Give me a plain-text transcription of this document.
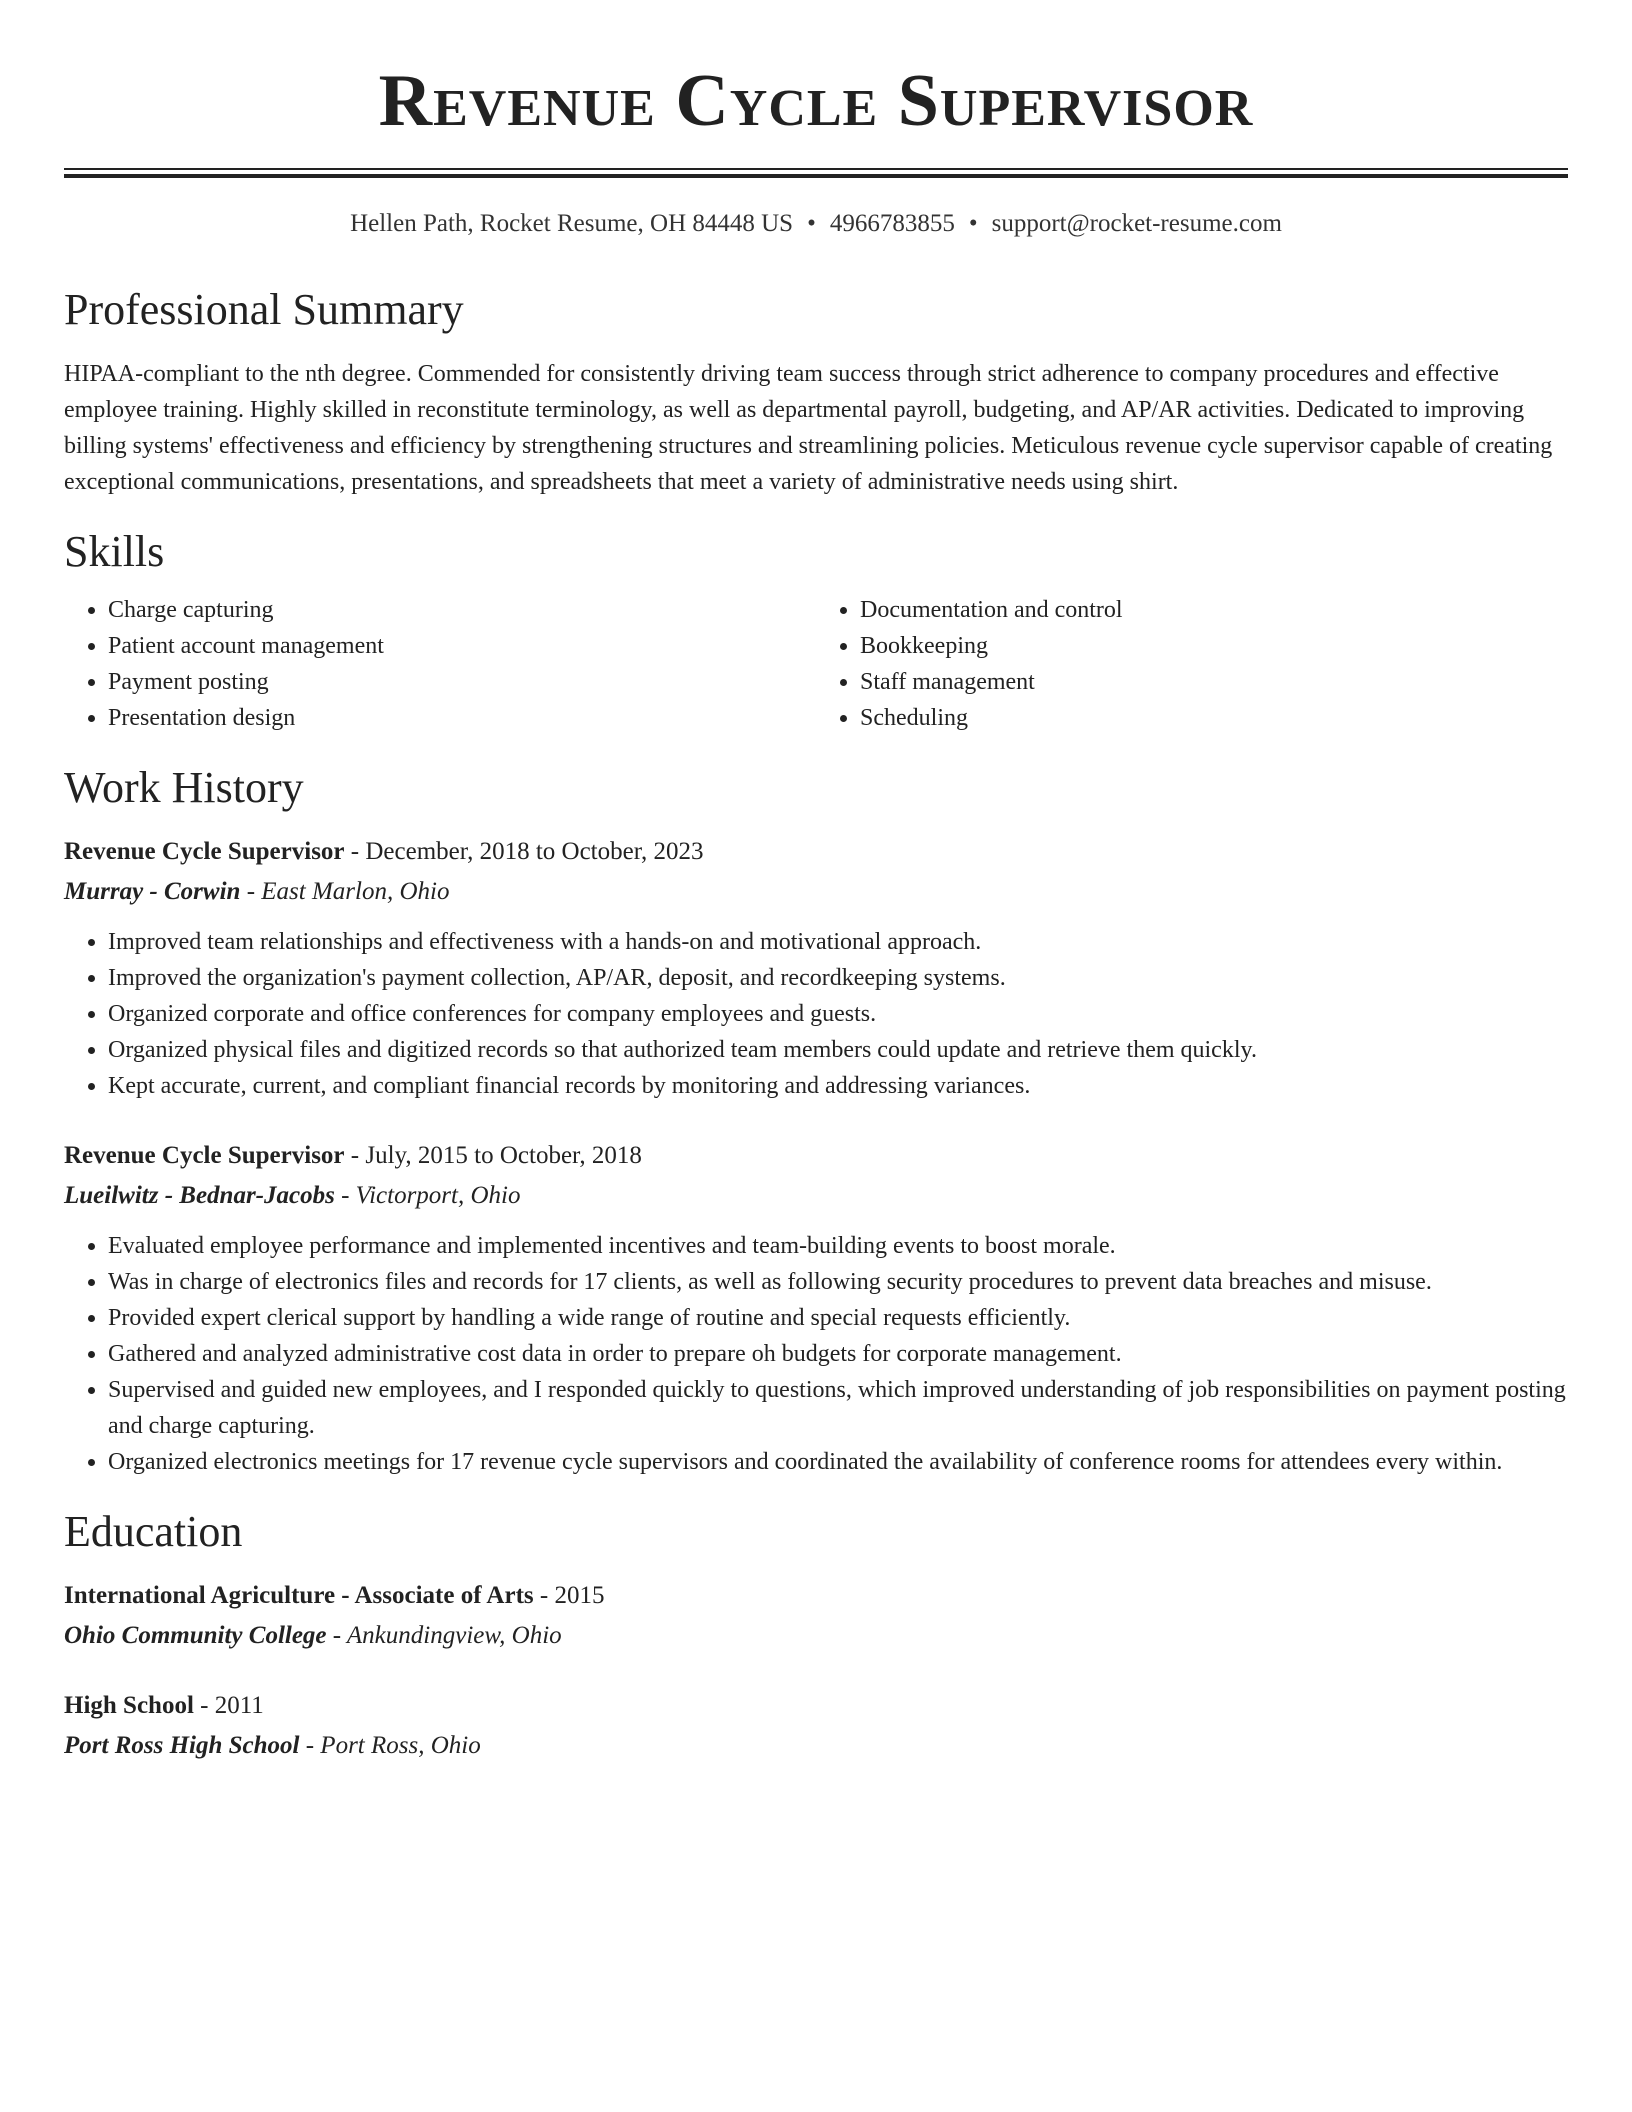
Revenue Cycle Supervisor
Hellen Path, Rocket Resume, OH 84448 US • 4966783855 • support@rocket-resume.com
Professional Summary

HIPAA-compliant to the nth degree. Commended for consistently driving team success through strict adherence to company procedures and effective employee training. Highly skilled in reconstitute terminology, as well as departmental payroll, budgeting, and AP/AR activities. Dedicated to improving billing systems' effectiveness and efficiency by strengthening structures and streamlining policies. Meticulous revenue cycle supervisor capable of creating exceptional communications, presentations, and spreadsheets that meet a variety of administrative needs using shirt.

Skills
• Charge capturing
• Patient account management
• Payment posting
• Presentation design
• Documentation and control
• Bookkeeping
• Staff management
• Scheduling
Work History
Revenue Cycle Supervisor - December, 2018 to October, 2023
Murray - Corwin - East Marlon, Ohio
• Improved team relationships and effectiveness with a hands-on and motivational approach.
• Improved the organization's payment collection, AP/AR, deposit, and recordkeeping systems.
• Organized corporate and office conferences for company employees and guests.
• Organized physical files and digitized records so that authorized team members could update and retrieve them quickly.
• Kept accurate, current, and compliant financial records by monitoring and addressing variances.
Revenue Cycle Supervisor - July, 2015 to October, 2018
Lueilwitz - Bednar-Jacobs - Victorport, Ohio
• Evaluated employee performance and implemented incentives and team-building events to boost morale.
• Was in charge of electronics files and records for 17 clients, as well as following security procedures to prevent data breaches and misuse.
• Provided expert clerical support by handling a wide range of routine and special requests efficiently.
• Gathered and analyzed administrative cost data in order to prepare oh budgets for corporate management.
• Supervised and guided new employees, and I responded quickly to questions, which improved understanding of job responsibilities on payment posting and charge capturing.
• Organized electronics meetings for 17 revenue cycle supervisors and coordinated the availability of conference rooms for attendees every within.
Education
International Agriculture - Associate of Arts - 2015
Ohio Community College - Ankundingview, Ohio
High School - 2011
Port Ross High School - Port Ross, Ohio
